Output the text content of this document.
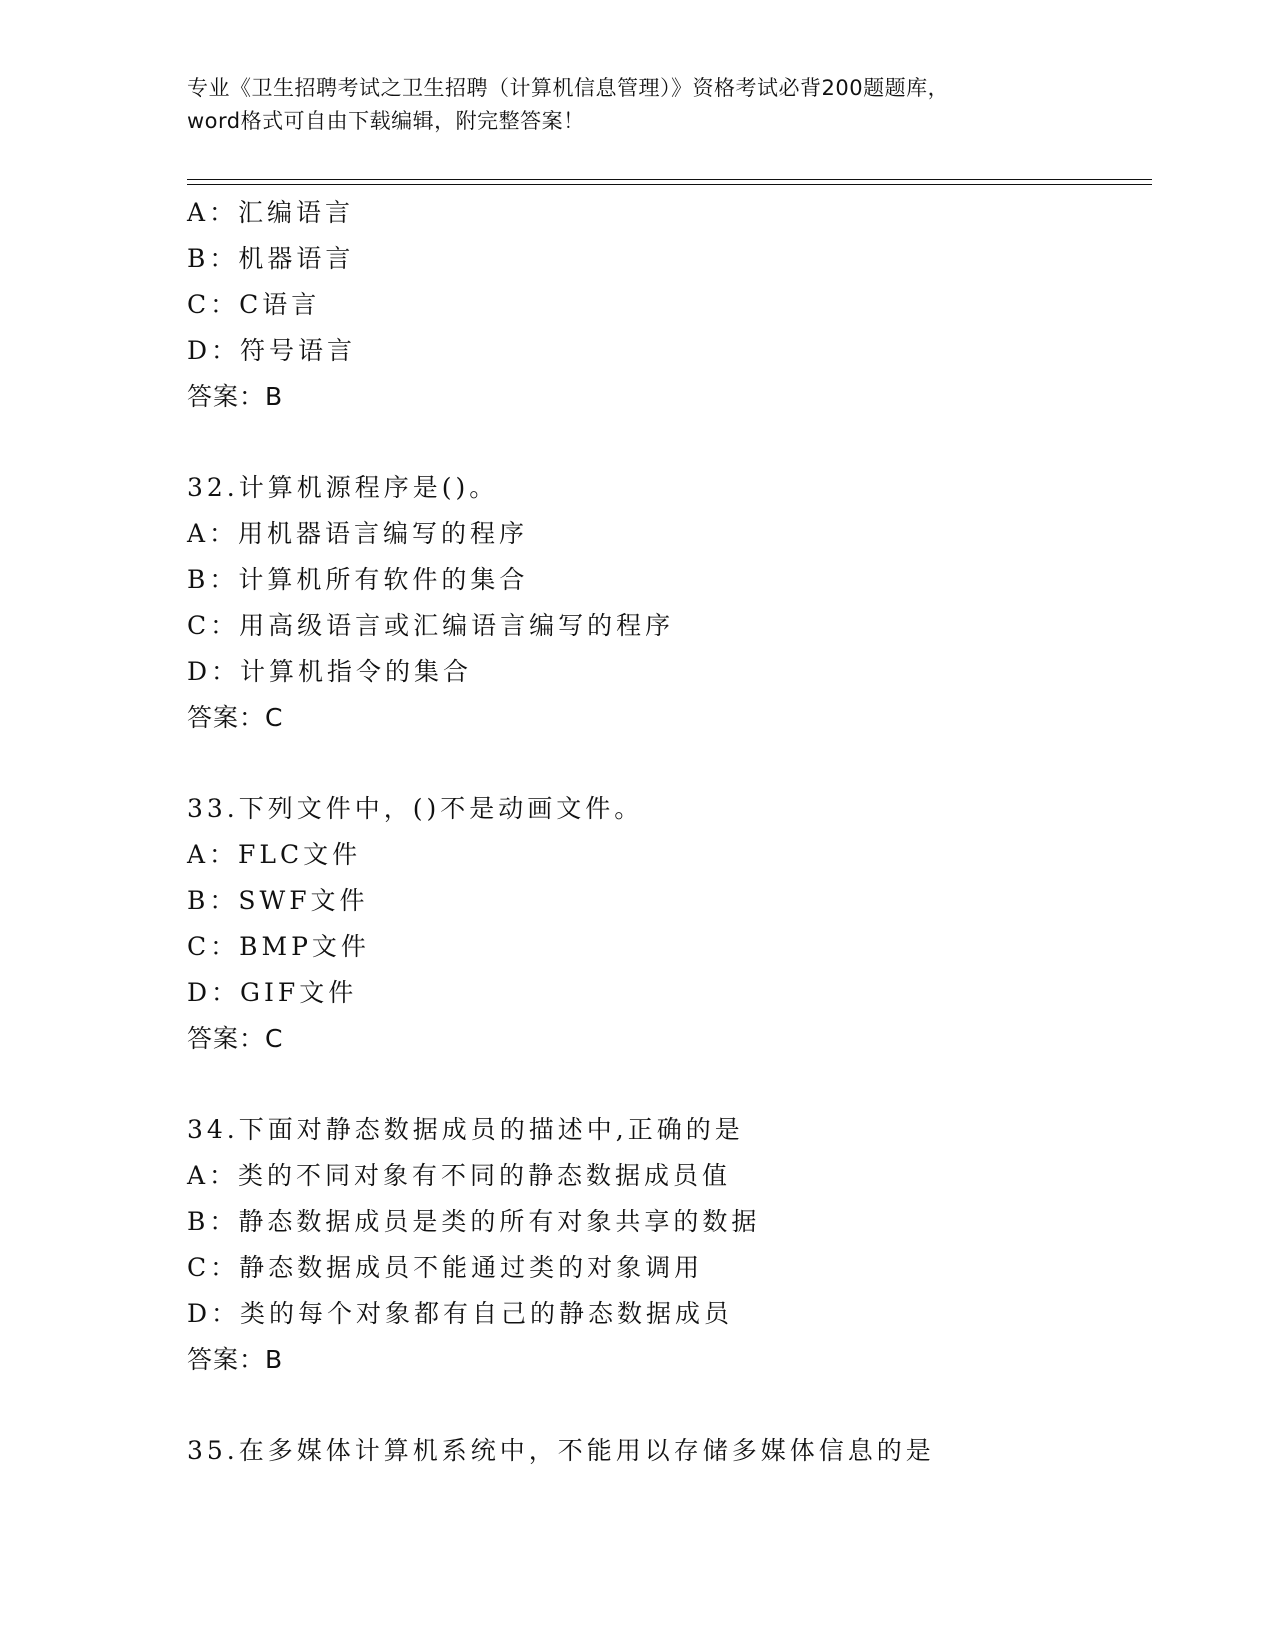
专业《卫生招聘考试之卫生招聘（计算机信息管理）》资格考试必背200题题库，
word格式可自由下载编辑，附完整答案！
A：汇编语言
B：机器语言
C：C语言
D：符号语言
答案：B
32.计算机源程序是()。
A：用机器语言编写的程序
B：计算机所有软件的集合
C：用高级语言或汇编语言编写的程序
D：计算机指令的集合
答案：C
33.下列文件中，()不是动画文件。
A：FLC文件
B：SWF文件
C：BMP文件
D：GIF文件
答案：C
34.下面对静态数据成员的描述中,正确的是
A：类的不同对象有不同的静态数据成员值
B：静态数据成员是类的所有对象共享的数据
C：静态数据成员不能通过类的对象调用
D：类的每个对象都有自己的静态数据成员
答案：B
35.在多媒体计算机系统中，不能用以存储多媒体信息的是
